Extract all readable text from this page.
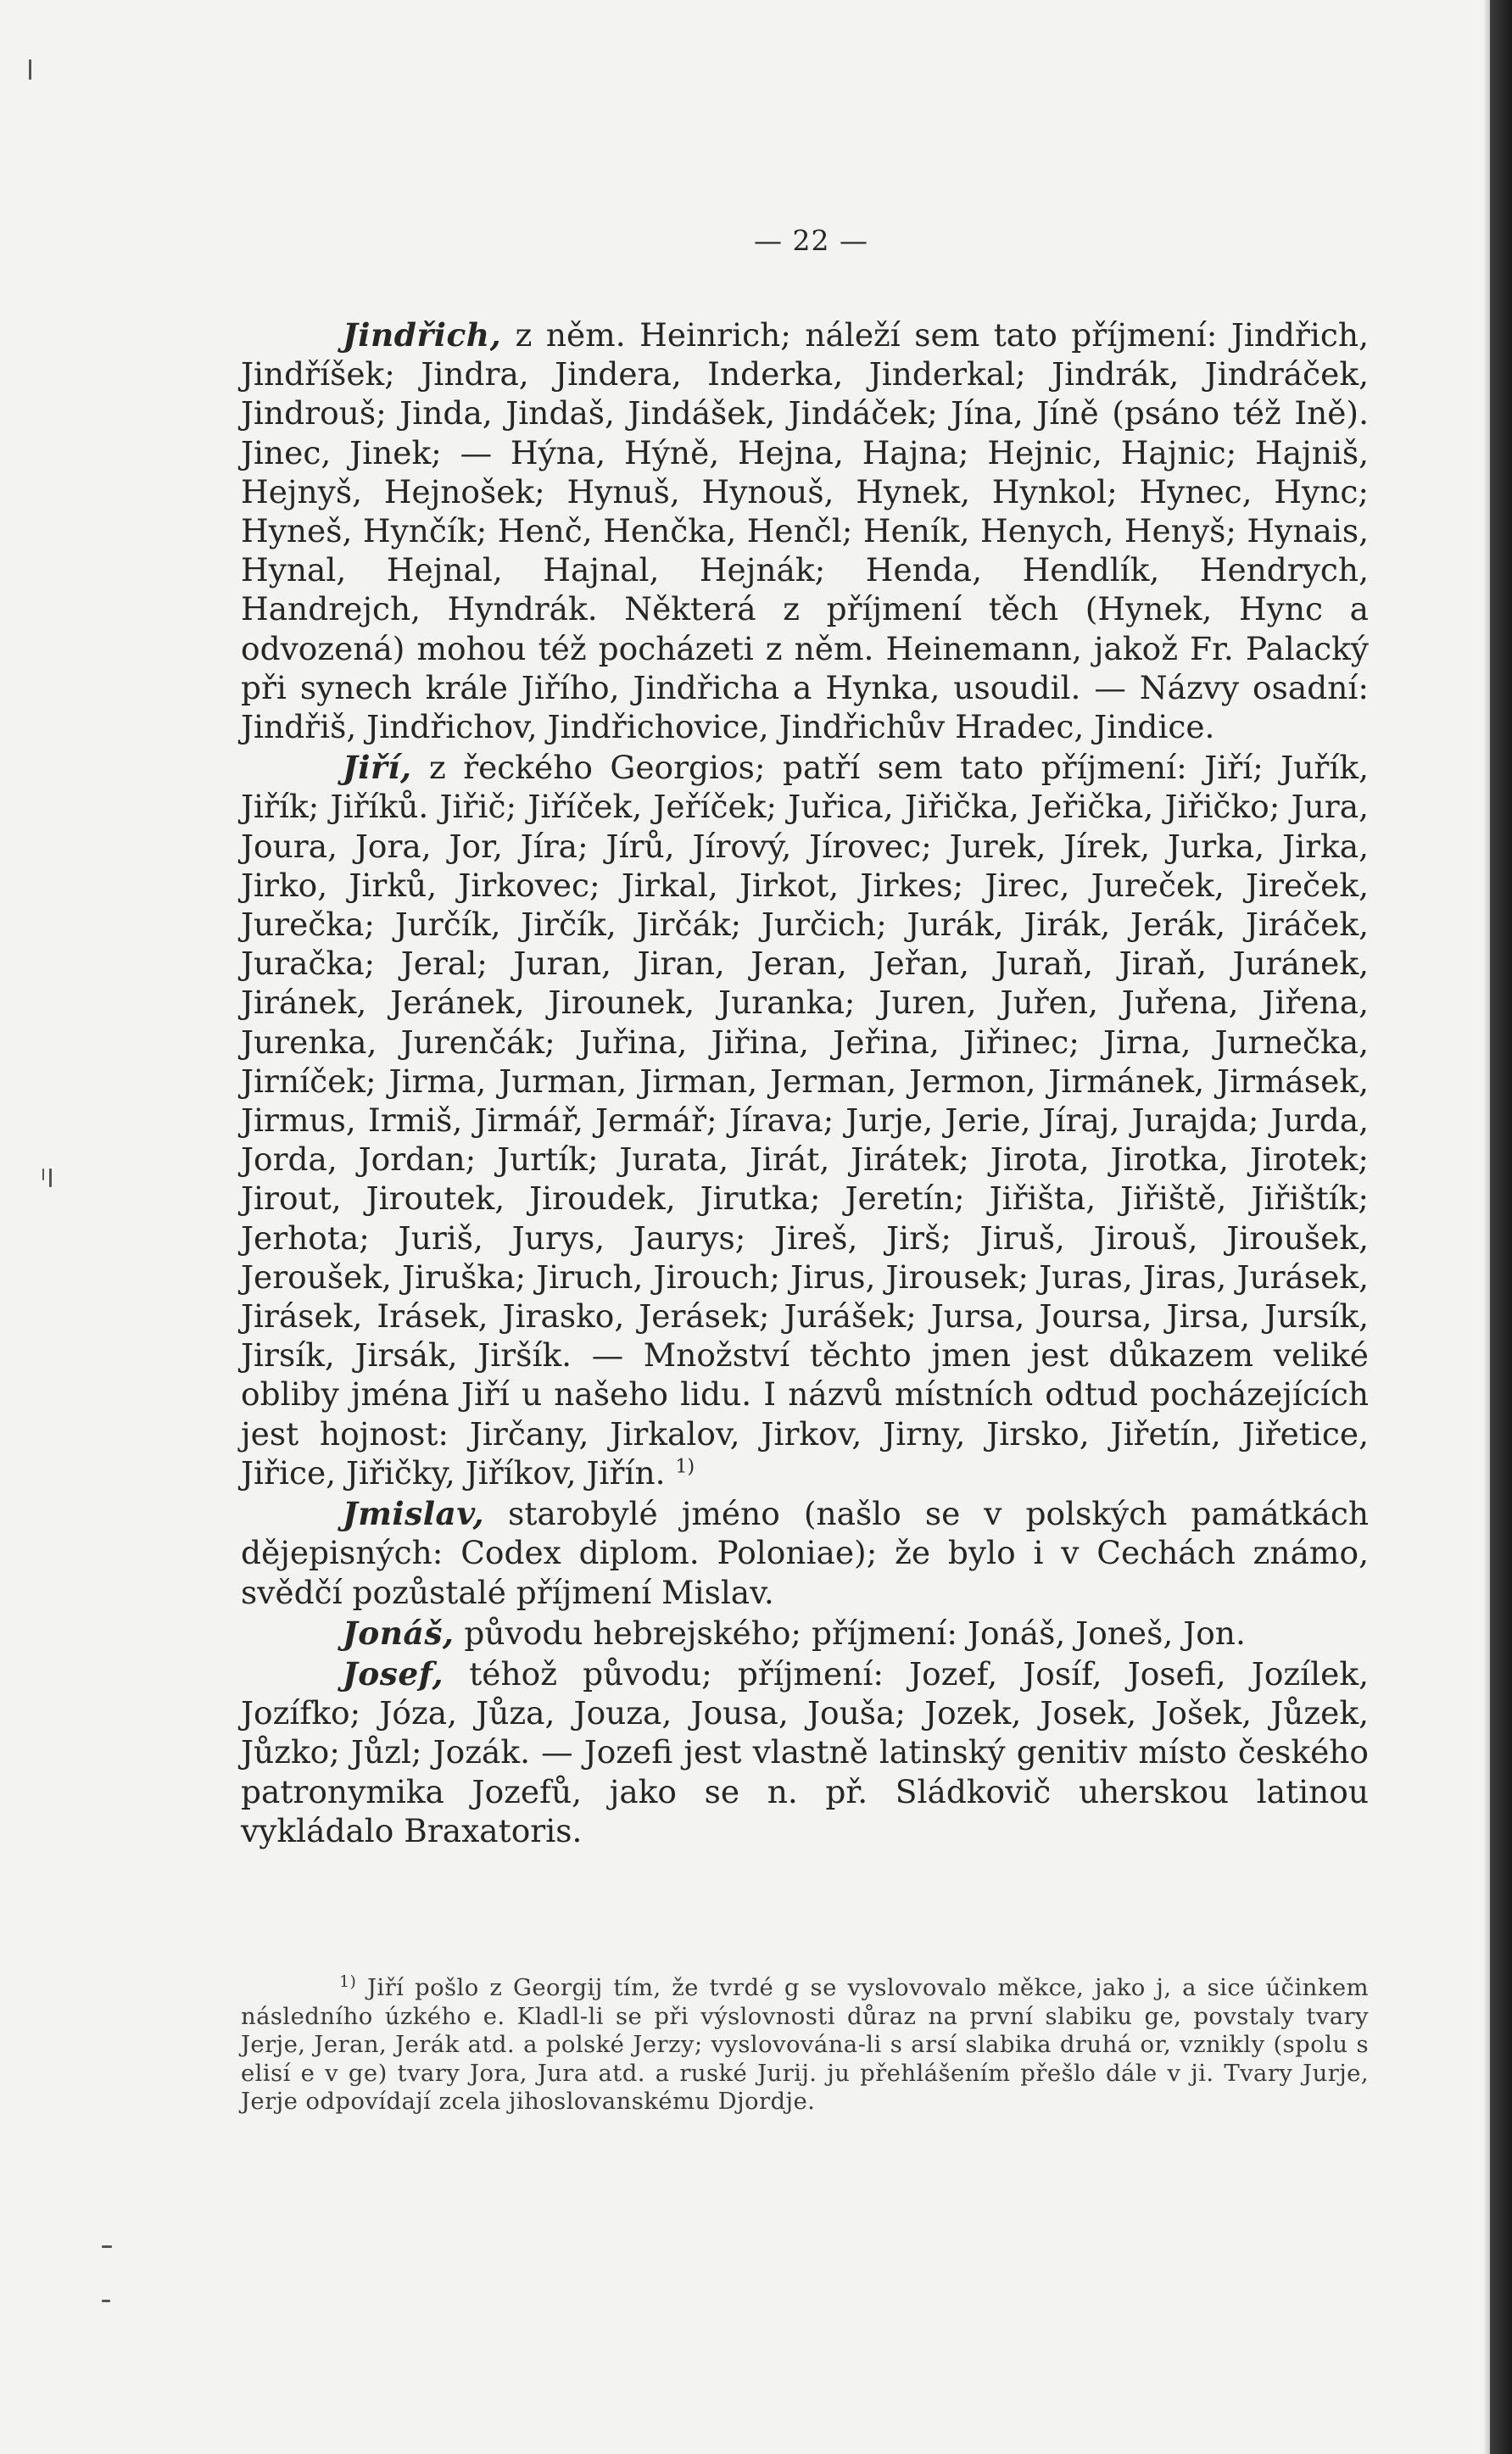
— 22 —

Jindřich, z něm. Heinrich; náleží sem tato příjmení: Jindřich, Jindříšek; Jindra, Jindera, Inderka, Jinderkal; Jindrák, Jindráček, Jindrouš; Jinda, Jindaš, Jindášek, Jindáček; Jína, Jíně (psáno též Ině). Jinec, Jinek; — Hýna, Hýně, Hejna, Hajna; Hejnic, Hajnic; Hajniš, Hejnyš, Hejnošek; Hynuš, Hynouš, Hynek, Hynkol; Hynec, Hync; Hyneš, Hynčík; Henč, Henčka, Henčl; Heník, Henych, Henyš; Hynais, Hynal, Hejnal, Hajnal, Hejnák; Henda, Hendlík, Hendrych, Handrejch, Hyndrák. Některá z příjmení těch (Hynek, Hync a odvozená) mohou též pocházeti z něm. Heinemann, jakož Fr. Palacký při synech krále Jiřího, Jindřicha a Hynka, usoudil. — Názvy osadní: Jindřiš, Jindřichov, Jindřichovice, Jindřichův Hradec, Jindice.

Jiří, z řeckého Georgios; patří sem tato příjmení: Jiří; Juřík, Jiřík; Jiříků. Jiřič; Jiříček, Jeříček; Juřica, Jiřička, Jeřička, Jiřičko; Jura, Joura, Jora, Jor, Jíra; Jírů, Jírový, Jírovec; Jurek, Jírek, Jurka, Jirka, Jirko, Jirků, Jirkovec; Jirkal, Jirkot, Jirkes; Jirec, Jureček, Jireček, Jurečka; Jurčík, Jirčík, Jirčák; Jurčich; Jurák, Jirák, Jerák, Jiráček, Juračka; Jeral; Juran, Jiran, Jeran, Jeřan, Juraň, Jiraň, Juránek, Jiránek, Jeránek, Jirounek, Juranka; Juren, Juřen, Juřena, Jiřena, Jurenka, Jurenčák; Juřina, Jiřina, Jeřina, Jiřinec; Jirna, Jurnečka, Jirníček; Jirma, Jurman, Jirman, Jerman, Jermon, Jirmánek, Jirmásek, Jirmus, Irmiš, Jirmář, Jermář; Jírava; Jurje, Jerie, Jíraj, Jurajda; Jurda, Jorda, Jordan; Jurtík; Jurata, Jirát, Jirátek; Jirota, Jirotka, Jirotek; Jirout, Jiroutek, Jiroudek, Jirutka; Jeretín; Jiřišta, Jiřiště, Jiřištík; Jerhota; Juriš, Jurys, Jaurys; Jireš, Jirš; Jiruš, Jirouš, Jiroušek, Jeroušek, Jiruška; Jiruch, Jirouch; Jirus, Jirousek; Juras, Jiras, Jurásek, Jirásek, Irásek, Jirasko, Jerásek; Jurášek; Jursa, Joursa, Jirsa, Jursík, Jirsík, Jirsák, Jiršík. — Množství těchto jmen jest důkazem veliké obliby jména Jiří u našeho lidu. I názvů místních odtud pocházejících jest hojnost: Jirčany, Jirkalov, Jirkov, Jirny, Jirsko, Jiřetín, Jiřetice, Jiřice, Jiřičky, Jiříkov, Jiřín. $^{1)}$

Jmislav, starobylé jméno (našlo se v polských památkách dějepisných: Codex diplom. Poloniae); že bylo i v Cechách známo, svědčí pozůstalé příjmení Mislav.

Jonáš, původu hebrejského; příjmení: Jonáš, Joneš, Jon.

Josef, téhož původu; příjmení: Jozef, Josíf, Josefi, Jozílek, Jozífko; Józa, Jůza, Jouza, Jousa, Jouša; Jozek, Josek, Jošek, Jůzek, Jůzko; Jůzl; Jozák. — Jozefi jest vlastně latinský genitiv místo českého patronymika Jozefů, jako se n. př. Sládkovič uherskou latinou vykládalo Braxatoris.

$^{1)}$ Jiří pošlo z Georgij tím, že tvrdé g se vyslovovalo měkce, jako j, a sice účinkem následního úzkého e. Kladl-li se při výslovnosti důraz na první slabiku ge, povstaly tvary Jerje, Jeran, Jerák atd. a polské Jerzy; vyslovována-li s arsí slabika druhá or, vznikly (spolu s elisí e v ge) tvary Jora, Jura atd. a ruské Jurij. ju přehlášením přešlo dále v ji. Tvary Jurje, Jerje odpovídají zcela jihoslovanskému Djordje.
